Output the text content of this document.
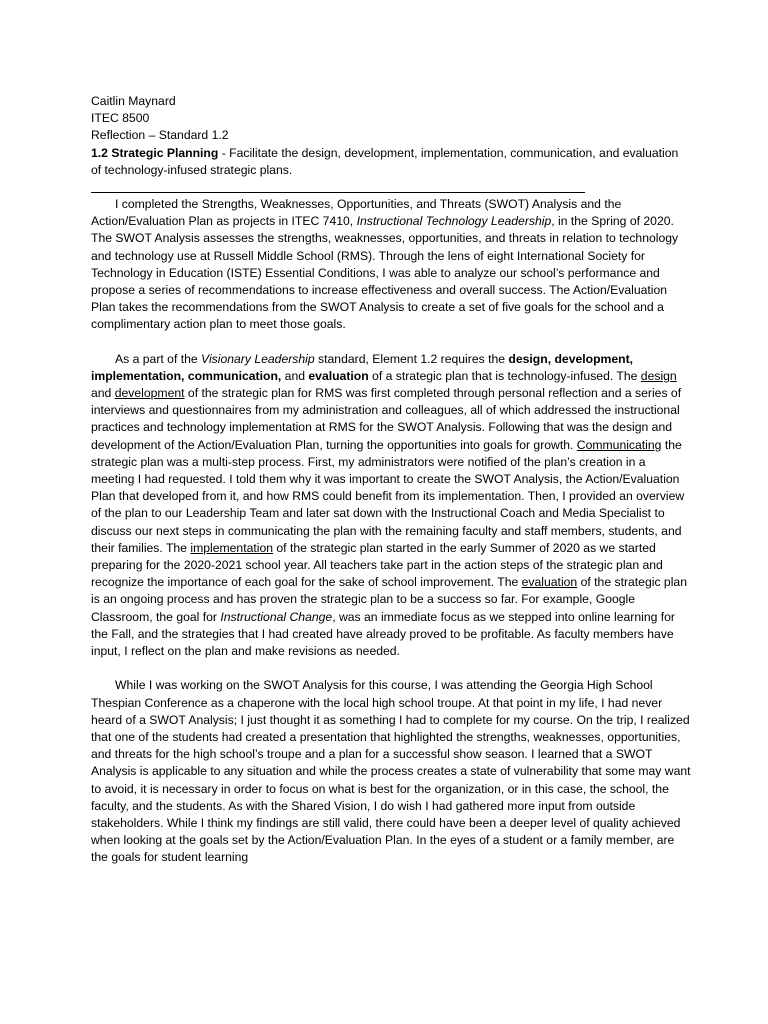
Caitlin Maynard
ITEC 8500
Reflection – Standard 1.2

1.2 Strategic Planning - Facilitate the design, development, implementation, communication, and evaluation of technology-infused strategic plans.

I completed the Strengths, Weaknesses, Opportunities, and Threats (SWOT) Analysis and the Action/Evaluation Plan as projects in ITEC 7410, Instructional Technology Leadership, in the Spring of 2020. The SWOT Analysis assesses the strengths, weaknesses, opportunities, and threats in relation to technology and technology use at Russell Middle School (RMS). Through the lens of eight International Society for Technology in Education (ISTE) Essential Conditions, I was able to analyze our school’s performance and propose a series of recommendations to increase effectiveness and overall success. The Action/Evaluation Plan takes the recommendations from the SWOT Analysis to create a set of five goals for the school and a complimentary action plan to meet those goals.

As a part of the Visionary Leadership standard, Element 1.2 requires the design, development, implementation, communication, and evaluation of a strategic plan that is technology-infused. The design and development of the strategic plan for RMS was first completed through personal reflection and a series of interviews and questionnaires from my administration and colleagues, all of which addressed the instructional practices and technology implementation at RMS for the SWOT Analysis. Following that was the design and development of the Action/Evaluation Plan, turning the opportunities into goals for growth. Communicating the strategic plan was a multi-step process. First, my administrators were notified of the plan’s creation in a meeting I had requested. I told them why it was important to create the SWOT Analysis, the Action/Evaluation Plan that developed from it, and how RMS could benefit from its implementation. Then, I provided an overview of the plan to our Leadership Team and later sat down with the Instructional Coach and Media Specialist to discuss our next steps in communicating the plan with the remaining faculty and staff members, students, and their families. The implementation of the strategic plan started in the early Summer of 2020 as we started preparing for the 2020-2021 school year. All teachers take part in the action steps of the strategic plan and recognize the importance of each goal for the sake of school improvement. The evaluation of the strategic plan is an ongoing process and has proven the strategic plan to be a success so far. For example, Google Classroom, the goal for Instructional Change, was an immediate focus as we stepped into online learning for the Fall, and the strategies that I had created have already proved to be profitable. As faculty members have input, I reflect on the plan and make revisions as needed.

While I was working on the SWOT Analysis for this course, I was attending the Georgia High School Thespian Conference as a chaperone with the local high school troupe. At that point in my life, I had never heard of a SWOT Analysis; I just thought it as something I had to complete for my course. On the trip, I realized that one of the students had created a presentation that highlighted the strengths, weaknesses, opportunities, and threats for the high school’s troupe and a plan for a successful show season. I learned that a SWOT Analysis is applicable to any situation and while the process creates a state of vulnerability that some may want to avoid, it is necessary in order to focus on what is best for the organization, or in this case, the school, the faculty, and the students. As with the Shared Vision, I do wish I had gathered more input from outside stakeholders. While I think my findings are still valid, there could have been a deeper level of quality achieved when looking at the goals set by the Action/Evaluation Plan. In the eyes of a student or a family member, are the goals for student learning
